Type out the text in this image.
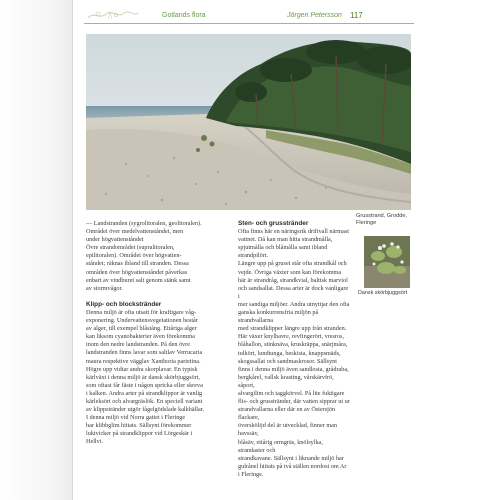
Gotlands flora	Jörgen Petersson 117
Grusstrand, Grodde,
Fleringe
Dansk skörbjuggsört

— Landstranden (sygrolitoralen, geolitoralen).

Området över medelvattenståndet, men

under högvattenståndet

Övre strandområdet (supralitoralen,

epilitoralen). Området över högvatten-

ståndet; räknas ibland till stranden. Dessa

områden över högvattenståndet påverkas

enbart av vindburet salt genom stänk samt

av stormvågor.

Klipp- och blockstränder

Denna miljö är ofta utsatt för kraftigare våg-

exponering. Undervattensvegetationen består

av alger, till exempel blåstång. Ettåriga alger

kan liksom cyanobakterier även förekomma

inom den nedre landstranden. På den övre

landstranden finns lavar som saltlav Verrucaria

maura respektive vägglav Xanthoria parietina.

Högre upp vidtar andra skorplavar. En typisk

kärlväxt i denna miljö är dansk skörbjuggsört,

som oftast får fäste i någon spricka eller skreva

i kalken. Andra arter på strandklippor är vanlig

kärleksört och alvargräslök. En speciell variant

av klippstränder utgör fågelgödslade kalkhällar.

I denna miljö vid Norra gattet i Fleringe

har klibbglim hittats. Sällsynt förekommer

luktvicker på strandklippor vid Lörgeskär i

Hellvi.

Sten- och grusstränder

Ofta finns här en näringsrik driftvall närmast

vattnet. Då kan man hitta strandmålla,

spjutmålla och blåmålla samt ibland strandpilört.

Längre upp på gruset står ofta strandkål och

vejde. Övriga växter som kan förekomma

här är strandråg, strandkvial, baltisk marviol

och sandsallat. Dessa arter är dock vanligare i

mer sandiga miljöer. Andra utnyttjar den ofta

ganska konkurrensfria miljön på strandvallarna

med strandklipper längre upp från stranden.

Här växer knylhavre, revfingerört, vresros,

blåhallon, stinknäva, kruskräppa, snärjmåra,

tulkört, lundtunga, beskista, knappsmäds,

skogssallat och sandmaskrosor. Sällsynt

finns i denna miljö även sandlosta, grådraba,

bergkårel, vallsk krasting, vårskärvfrö, såport,

alvargilim och taggkörvel. På lite fuktigare

flis- och grusstränder, där vatten sipprar ut ur

strandvallarna eller där en av Östersjön flackare,

överskölijd del är utvecklad, finner man havssäv,

blåsäv, ettårig ormgräs, knölsylka, strandaster och

strandkavane. Sällsynt i liknande miljö har

gulrånel hittats på två ställen nordost om Ar

i Fleringe.
